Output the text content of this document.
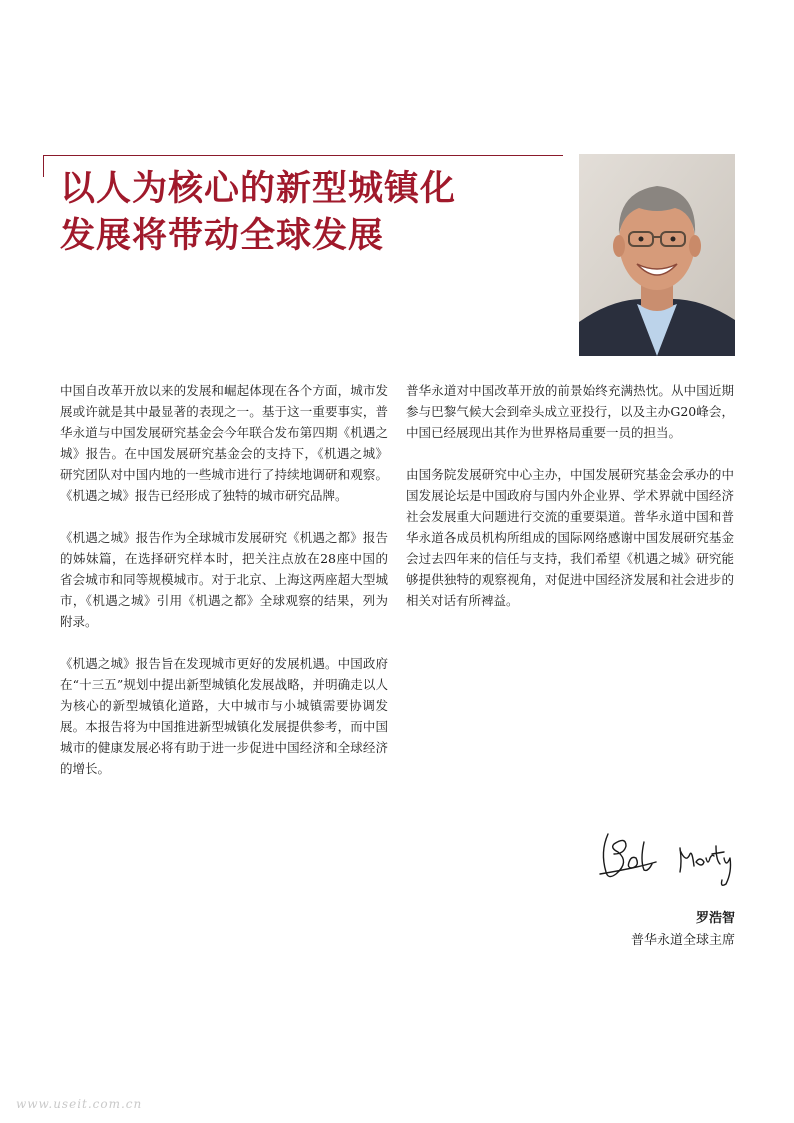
以人为核心的新型城镇化
发展将带动全球发展

中国自改革开放以来的发展和崛起体现在各个方面，城市发展或许就是其中最显著的表现之一。基于这一重要事实，普华永道与中国发展研究基金会今年联合发布第四期《机遇之城》报告。在中国发展研究基金会的支持下，《机遇之城》研究团队对中国内地的一些城市进行了持续地调研和观察。《机遇之城》报告已经形成了独特的城市研究品牌。

《机遇之城》报告作为全球城市发展研究《机遇之都》报告的姊妹篇，在选择研究样本时，把关注点放在28座中国的省会城市和同等规模城市。对于北京、上海这两座超大型城市，《机遇之城》引用《机遇之都》全球观察的结果，列为附录。

《机遇之城》报告旨在发现城市更好的发展机遇。中国政府在“十三五”规划中提出新型城镇化发展战略，并明确走以人为核心的新型城镇化道路，大中城市与小城镇需要协调发展。本报告将为中国推进新型城镇化发展提供参考，而中国城市的健康发展必将有助于进一步促进中国经济和全球经济的增长。

普华永道对中国改革开放的前景始终充满热忱。从中国近期参与巴黎气候大会到牵头成立亚投行，以及主办G20峰会，中国已经展现出其作为世界格局重要一员的担当。

由国务院发展研究中心主办，中国发展研究基金会承办的中国发展论坛是中国政府与国内外企业界、学术界就中国经济社会发展重大问题进行交流的重要渠道。普华永道中国和普华永道各成员机构所组成的国际网络感谢中国发展研究基金会过去四年来的信任与支持，我们希望《机遇之城》研究能够提供独特的观察视角，对促进中国经济发展和社会进步的相关对话有所裨益。

罗浩智
普华永道全球主席
www.useit.com.cn
